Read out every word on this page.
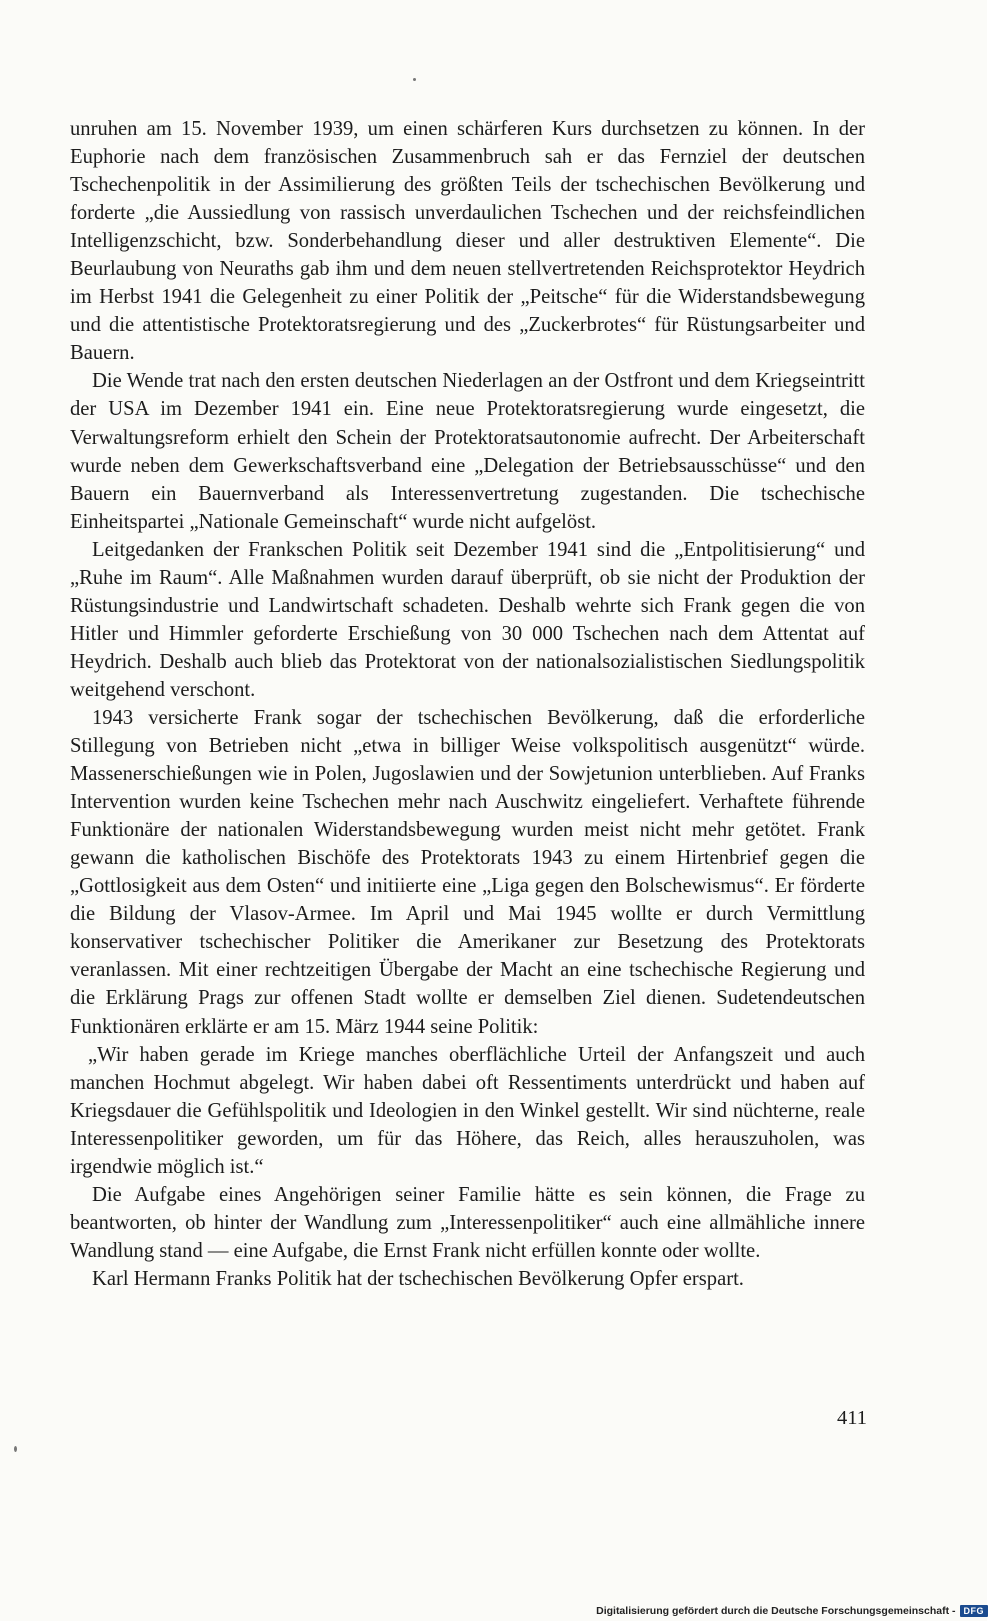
unruhen am 15. November 1939, um einen schärferen Kurs durchsetzen zu können. In der Euphorie nach dem französischen Zusammenbruch sah er das Fernziel der deutschen Tschechenpolitik in der Assimilierung des größten Teils der tschechischen Bevölkerung und forderte „die Aussiedlung von rassisch unverdaulichen Tschechen und der reichsfeindlichen Intelligenzschicht, bzw. Sonderbehandlung dieser und aller destruktiven Elemente“. Die Beurlaubung von Neuraths gab ihm und dem neuen stellvertretenden Reichsprotektor Heydrich im Herbst 1941 die Gelegenheit zu einer Politik der „Peitsche“ für die Widerstandsbewegung und die attentistische Protektoratsregierung und des „Zuckerbrotes“ für Rüstungsarbeiter und Bauern.

Die Wende trat nach den ersten deutschen Niederlagen an der Ostfront und dem Kriegseintritt der USA im Dezember 1941 ein. Eine neue Protektoratsregierung wurde eingesetzt, die Verwaltungsreform erhielt den Schein der Protektoratsautonomie aufrecht. Der Arbeiterschaft wurde neben dem Gewerkschaftsverband eine „Delegation der Betriebsausschüsse“ und den Bauern ein Bauernverband als Interessenvertretung zugestanden. Die tschechische Einheitspartei „Nationale Gemeinschaft“ wurde nicht aufgelöst.

Leitgedanken der Frankschen Politik seit Dezember 1941 sind die „Entpolitisierung“ und „Ruhe im Raum“. Alle Maßnahmen wurden darauf überprüft, ob sie nicht der Produktion der Rüstungsindustrie und Landwirtschaft schadeten. Deshalb wehrte sich Frank gegen die von Hitler und Himmler geforderte Erschießung von 30 000 Tschechen nach dem Attentat auf Heydrich. Deshalb auch blieb das Protektorat von der nationalsozialistischen Siedlungspolitik weitgehend verschont.

1943 versicherte Frank sogar der tschechischen Bevölkerung, daß die erforderliche Stillegung von Betrieben nicht „etwa in billiger Weise volkspolitisch ausgenützt“ würde. Massenerschießungen wie in Polen, Jugoslawien und der Sowjetunion unterblieben. Auf Franks Intervention wurden keine Tschechen mehr nach Auschwitz eingeliefert. Verhaftete führende Funktionäre der nationalen Widerstandsbewegung wurden meist nicht mehr getötet. Frank gewann die katholischen Bischöfe des Protektorats 1943 zu einem Hirtenbrief gegen die „Gottlosigkeit aus dem Osten“ und initiierte eine „Liga gegen den Bolschewismus“. Er förderte die Bildung der Vlasov-Armee. Im April und Mai 1945 wollte er durch Vermittlung konservativer tschechischer Politiker die Amerikaner zur Besetzung des Protektorats veranlassen. Mit einer rechtzeitigen Übergabe der Macht an eine tschechische Regierung und die Erklärung Prags zur offenen Stadt wollte er demselben Ziel dienen. Sudetendeutschen Funktionären erklärte er am 15. März 1944 seine Politik:

„Wir haben gerade im Kriege manches oberflächliche Urteil der Anfangszeit und auch manchen Hochmut abgelegt. Wir haben dabei oft Ressentiments unterdrückt und haben auf Kriegsdauer die Gefühlspolitik und Ideologien in den Winkel gestellt. Wir sind nüchterne, reale Interessenpolitiker geworden, um für das Höhere, das Reich, alles herauszuholen, was irgendwie möglich ist.“

Die Aufgabe eines Angehörigen seiner Familie hätte es sein können, die Frage zu beantworten, ob hinter der Wandlung zum „Interessenpolitiker“ auch eine allmähliche innere Wandlung stand — eine Aufgabe, die Ernst Frank nicht erfüllen konnte oder wollte.

Karl Hermann Franks Politik hat der tschechischen Bevölkerung Opfer erspart.

411
Digitalisierung gefördert durch die Deutsche Forschungsgemeinschaft - DFG
